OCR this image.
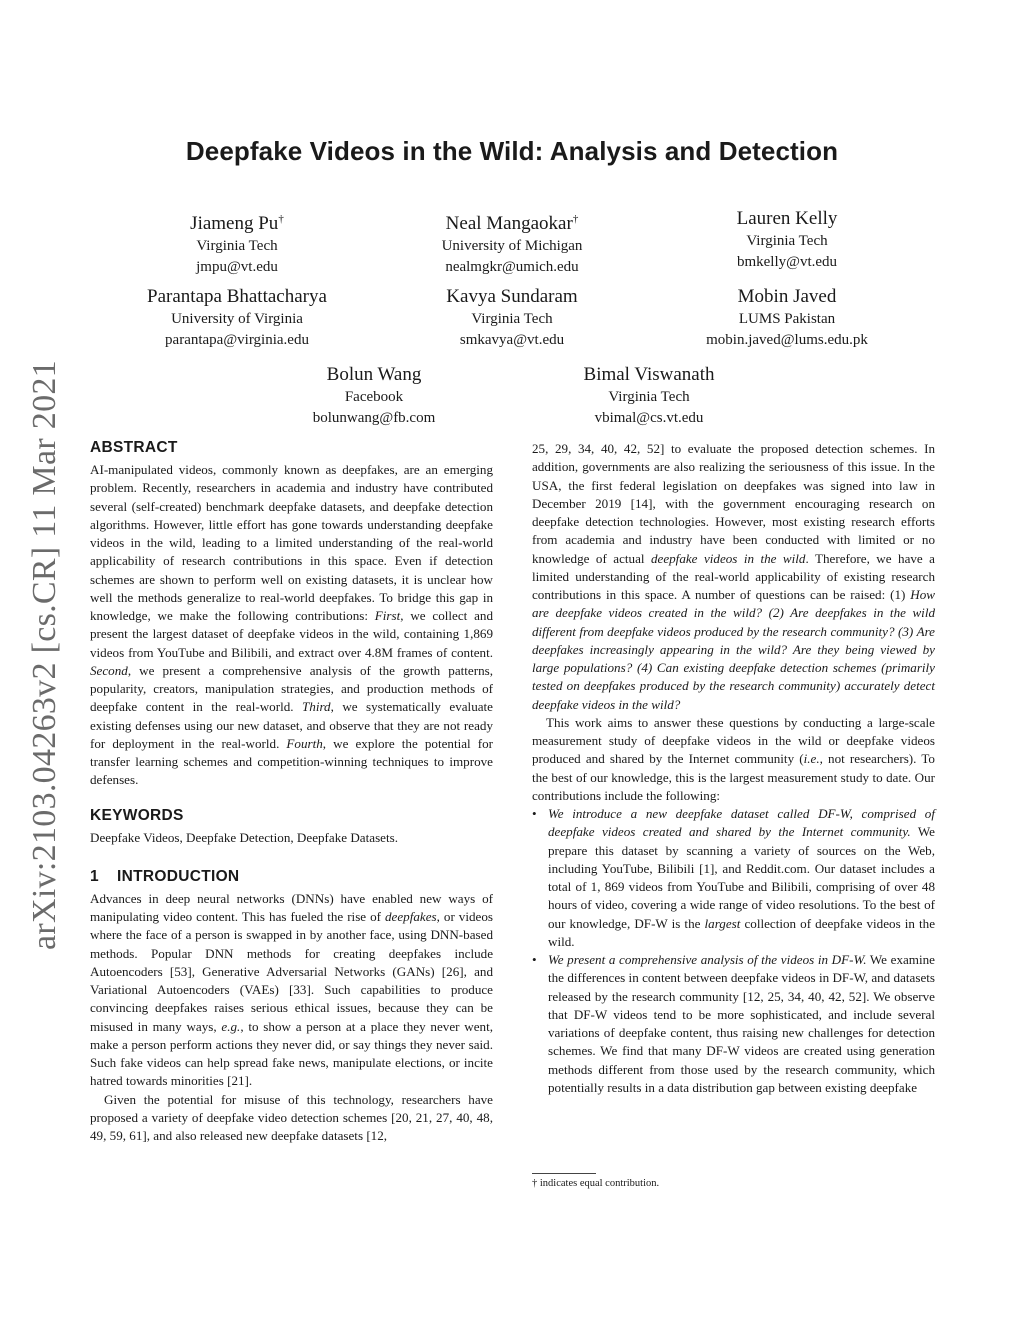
arXiv:2103.04263v2 [cs.CR] 11 Mar 2021
Deepfake Videos in the Wild: Analysis and Detection
Jiameng Pu†
Virginia Tech
jmpu@vt.edu
Neal Mangaokar†
University of Michigan
nealmgkr@umich.edu
Lauren Kelly
Virginia Tech
bmkelly@vt.edu
Parantapa Bhattacharya
University of Virginia
parantapa@virginia.edu
Kavya Sundaram
Virginia Tech
smkavya@vt.edu
Mobin Javed
LUMS Pakistan
mobin.javed@lums.edu.pk
Bolun Wang
Facebook
bolunwang@fb.com
Bimal Viswanath
Virginia Tech
vbimal@cs.vt.edu
ABSTRACT

AI-manipulated videos, commonly known as deepfakes, are an emerging problem. Recently, researchers in academia and industry have contributed several (self-created) benchmark deepfake datasets, and deepfake detection algorithms. However, little effort has gone towards understanding deepfake videos in the wild, leading to a limited understanding of the real-world applicability of research contributions in this space. Even if detection schemes are shown to perform well on existing datasets, it is unclear how well the methods generalize to real-world deepfakes. To bridge this gap in knowledge, we make the following contributions: First, we collect and present the largest dataset of deepfake videos in the wild, containing 1,869 videos from YouTube and Bilibili, and extract over 4.8M frames of content. Second, we present a comprehensive analysis of the growth patterns, popularity, creators, manipulation strategies, and production methods of deepfake content in the real-world. Third, we systematically evaluate existing defenses using our new dataset, and observe that they are not ready for deployment in the real-world. Fourth, we explore the potential for transfer learning schemes and competition-winning techniques to improve defenses.

KEYWORDS

Deepfake Videos, Deepfake Detection, Deepfake Datasets.

1 INTRODUCTION

Advances in deep neural networks (DNNs) have enabled new ways of manipulating video content. This has fueled the rise of deepfakes, or videos where the face of a person is swapped in by another face, using DNN-based methods. Popular DNN methods for creating deepfakes include Autoencoders [53], Generative Adversarial Networks (GANs) [26], and Variational Autoencoders (VAEs) [33]. Such capabilities to produce convincing deepfakes raises serious ethical issues, because they can be misused in many ways, e.g., to show a person at a place they never went, make a person perform actions they never did, or say things they never said. Such fake videos can help spread fake news, manipulate elections, or incite hatred towards minorities [21].

Given the potential for misuse of this technology, researchers have proposed a variety of deepfake video detection schemes [20, 21, 27, 40, 48, 49, 59, 61], and also released new deepfake datasets [12,

25, 29, 34, 40, 42, 52] to evaluate the proposed detection schemes. In addition, governments are also realizing the seriousness of this issue. In the USA, the first federal legislation on deepfakes was signed into law in December 2019 [14], with the government encouraging research on deepfake detection technologies. However, most existing research efforts from academia and industry have been conducted with limited or no knowledge of actual deepfake videos in the wild. Therefore, we have a limited understanding of the real-world applicability of existing research contributions in this space. A number of questions can be raised: (1) How are deepfake videos created in the wild? (2) Are deepfakes in the wild different from deepfake videos produced by the research community? (3) Are deepfakes increasingly appearing in the wild? Are they being viewed by large populations? (4) Can existing deepfake detection schemes (primarily tested on deepfakes produced by the research community) accurately detect deepfake videos in the wild?

This work aims to answer these questions by conducting a large-scale measurement study of deepfake videos in the wild or deepfake videos produced and shared by the Internet community (i.e., not researchers). To the best of our knowledge, this is the largest measurement study to date. Our contributions include the following:

• We introduce a new deepfake dataset called DF-W, comprised of deepfake videos created and shared by the Internet community. We prepare this dataset by scanning a variety of sources on the Web, including YouTube, Bilibili [1], and Reddit.com. Our dataset includes a total of 1, 869 videos from YouTube and Bilibili, comprising of over 48 hours of video, covering a wide range of video resolutions. To the best of our knowledge, DF-W is the largest collection of deepfake videos in the wild.
• We present a comprehensive analysis of the videos in DF-W. We examine the differences in content between deepfake videos in DF-W, and datasets released by the research community [12, 25, 34, 40, 42, 52]. We observe that DF-W videos tend to be more sophisticated, and include several variations of deepfake content, thus raising new challenges for detection schemes. We find that many DF-W videos are created using generation methods different from those used by the research community, which potentially results in a data distribution gap between existing deepfake
† indicates equal contribution.
